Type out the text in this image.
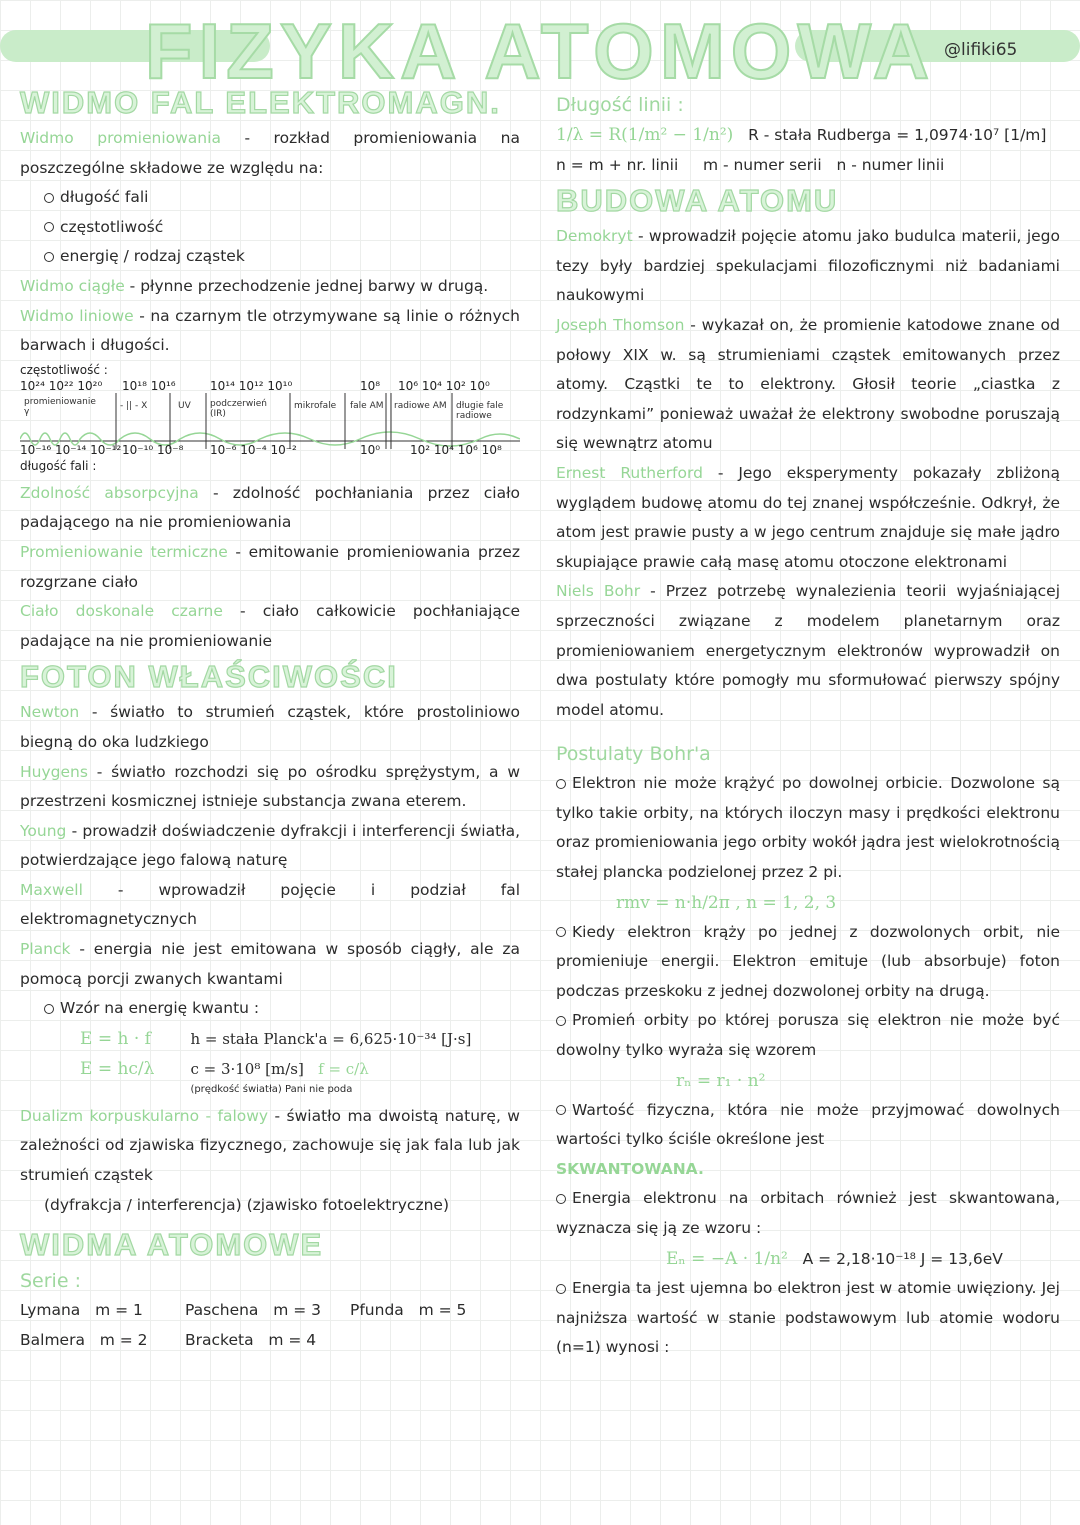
FIZYKA ATOMOWA @lifiki65
WIDMO FAL ELEKTROMAGN.

Widmo promieniowania - rozkład promieniowania na poszczególne składowe ze względu na:

długość fali

częstotliwość

energię / rodzaj cząstek

Widmo ciągłe - płynne przechodzenie jednej barwy w drugą.

Widmo liniowe - na czarnym tle otrzymywane są linie o różnych barwach i długości.

częstotliwość :
10²⁴ 10²² 10²⁰ 10¹⁸ 10¹⁶	10¹⁴ 10¹² 10¹⁰	10⁸ 10⁶ 10⁴ 10² 10⁰
promieniowanie γ
- || - X	UV podczerwień (IR)
mikrofale fale AM radiowe AM długie fale radiowe
10⁻¹⁶ 10⁻¹⁴ 10⁻¹² 10⁻¹⁰ 10⁻⁸ 10⁻⁶ 10⁻⁴ 10⁻²	10⁰ 10² 10⁴ 10⁶ 10⁸
długość fali :

Zdolność absorpcyjna - zdolność pochłaniania przez ciało padającego na nie promieniowania

Promieniowanie termiczne - emitowanie promieniowania przez rozgrzane ciało

Ciało doskonale czarne - ciało całkowicie pochłaniające padające na nie promieniowanie

FOTON WŁAŚCIWOŚCI

Newton - światło to strumień cząstek, które prostoliniowo biegną do oka ludzkiego

Huygens - światło rozchodzi się po ośrodku sprężystym, a w przestrzeni kosmicznej istnieje substancja zwana eterem.

Young - prowadził doświadczenie dyfrakcji i interferencji światła, potwierdzające jego falową naturę

Maxwell - wprowadził pojęcie i podział fal elektromagnetycznych

Planck - energia nie jest emitowana w sposób ciągły, ale za pomocą porcji zwanych kwantami

Wzór na energię kwantu :

E = h · f
E = hc/λ
h = stała Planck'a = 6,625·10⁻³⁴ [J·s]
c = 3·10⁸ [m/s] f = c/λ
(prędkość światła) Pani nie poda

Dualizm korpuskularno - falowy - światło ma dwoistą naturę, w zależności od zjawiska fizycznego, zachowuje się jak fala lub jak strumień cząstek

(dyfrakcja / interferencja) (zjawisko fotoelektryczne)

WIDMA ATOMOWE
Serie :
Lymana m = 1	Paschena m = 3	Pfunda m = 5
Balmera m = 2	Bracketa m = 4
Długość linii :

1/λ = R(1/m² − 1/n²) R - stała Rudberga = 1,0974·10⁷ [1/m]

n = m + nr. linii m - numer serii n - numer linii

BUDOWA ATOMU

Demokryt - wprowadził pojęcie atomu jako budulca materii, jego tezy były bardziej spekulacjami filozoficznymi niż badaniami naukowymi

Joseph Thomson - wykazał on, że promienie katodowe znane od połowy XIX w. są strumieniami cząstek emitowanych przez atomy. Cząstki te to elektrony. Głosił teorie „ciastka z rodzynkami” ponieważ uważał że elektrony swobodne poruszają się wewnątrz atomu

Ernest Rutherford - Jego eksperymenty pokazały zbliżoną wyglądem budowę atomu do tej znanej współcześnie. Odkrył, że atom jest prawie pusty a w jego centrum znajduje się małe jądro skupiające prawie całą masę atomu otoczone elektronami

Niels Bohr - Przez potrzebę wynalezienia teorii wyjaśniającej sprzeczności związane z modelem planetarnym oraz promieniowaniem energetycznym elektronów wyprowadził on dwa postulaty które pomogły mu sformułować pierwszy spójny model atomu.

Postulaty Bohr'a

Elektron nie może krążyć po dowolnej orbicie. Dozwolone są tylko takie orbity, na których iloczyn masy i prędkości elektronu oraz promieniowania jego orbity wokół jądra jest wielokrotnością stałej plancka podzielonej przez 2 pi.

rmv = n·h/2π , n = 1, 2, 3

Kiedy elektron krąży po jednej z dozwolonych orbit, nie promieniuje energii. Elektron emituje (lub absorbuje) foton podczas przeskoku z jednej dozwolonej orbity na drugą.

Promień orbity po której porusza się elektron nie może być dowolny tylko wyraża się wzorem

rₙ = r₁ · n²

Wartość fizyczna, która nie może przyjmować dowolnych wartości tylko ściśle określone jest

SKWANTOWANA.

Energia elektronu na orbitach również jest skwantowana, wyznacza się ją ze wzoru :

Eₙ = −A · 1/n² A = 2,18·10⁻¹⁸ J = 13,6eV

Energia ta jest ujemna bo elektron jest w atomie uwięziony. Jej najniższa wartość w stanie podstawowym lub atomie wodoru (n=1) wynosi :
